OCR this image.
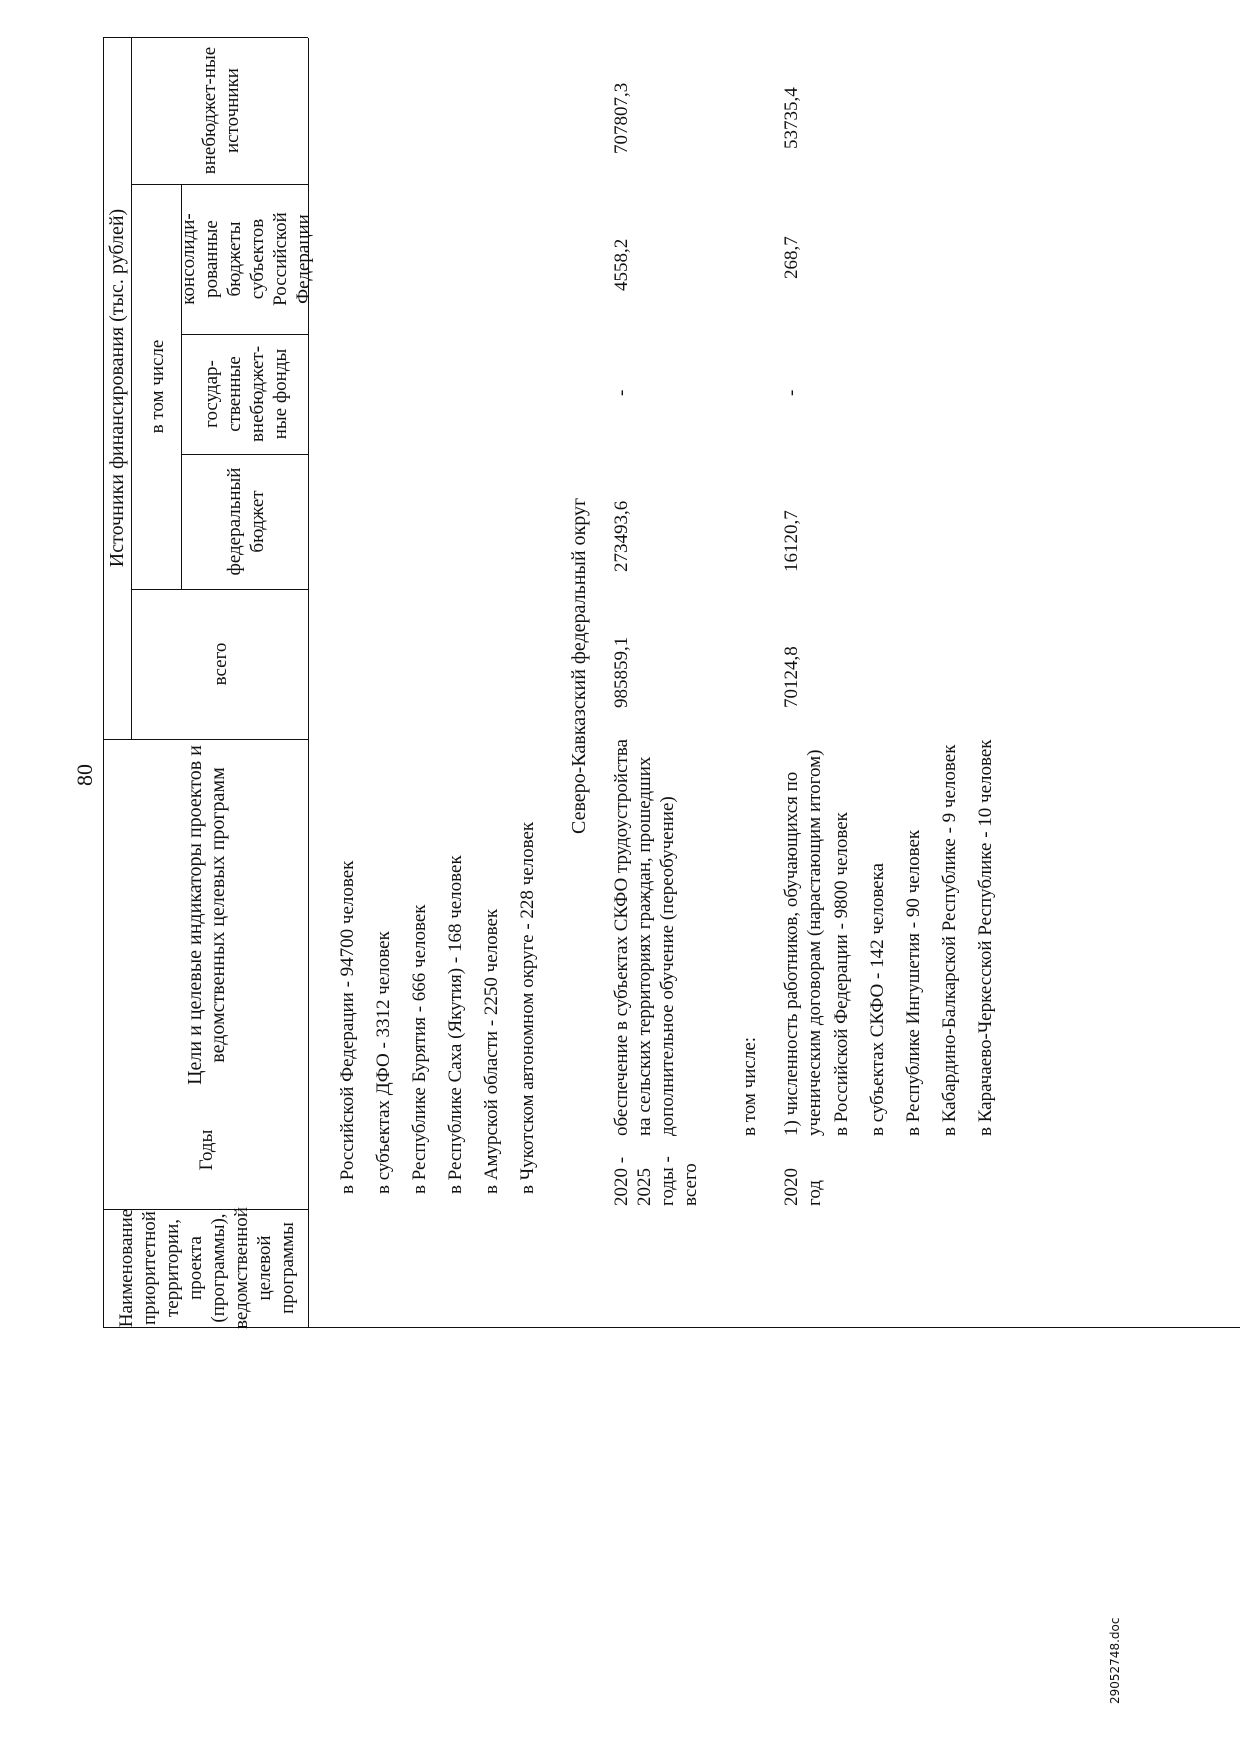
80
Наименование приоритетной территории, проекта (программы), ведомственной целевой программы
Годы
Цели и целевые индикаторы проектов и ведомственных целевых программ
Источники финансирования (тыс. рублей)
всего
в том числе
федеральный бюджет
государ-ственные внебюджет-ные фонды
консолиди-рованные бюджеты субъектов Российской Федерации
внебюджет-ные источники
в Российской Федерации - 94700 человек в субъектах ДФО - 3312 человек в Республике Бурятия - 666 человек в Республике Саха (Якутия) - 168 человек в Амурской области - 2250 человек в Чукотском автономном округе - 228 человек
Северо-Кавказский федеральный округ
2020 - 2025 годы - всего
обеспечение в субъектах СКФО трудоустройства на сельских территориях граждан, прошедших дополнительное обучение (переобучение)
985859,1
273493,6
-
4558,2
707807,3
в том числе:
2020 год
1) численность работников, обучающихся по ученическим договорам (нарастающим итогом)
70124,8
16120,7
-
268,7
53735,4
в Российской Федерации - 9800 человек в субъектах СКФО - 142 человека в Республике Ингушетия - 90 человек в Кабардино-Балкарской Республике - 9 человек в Карачаево-Черкесской Республике - 10 человек
29052748.doc
